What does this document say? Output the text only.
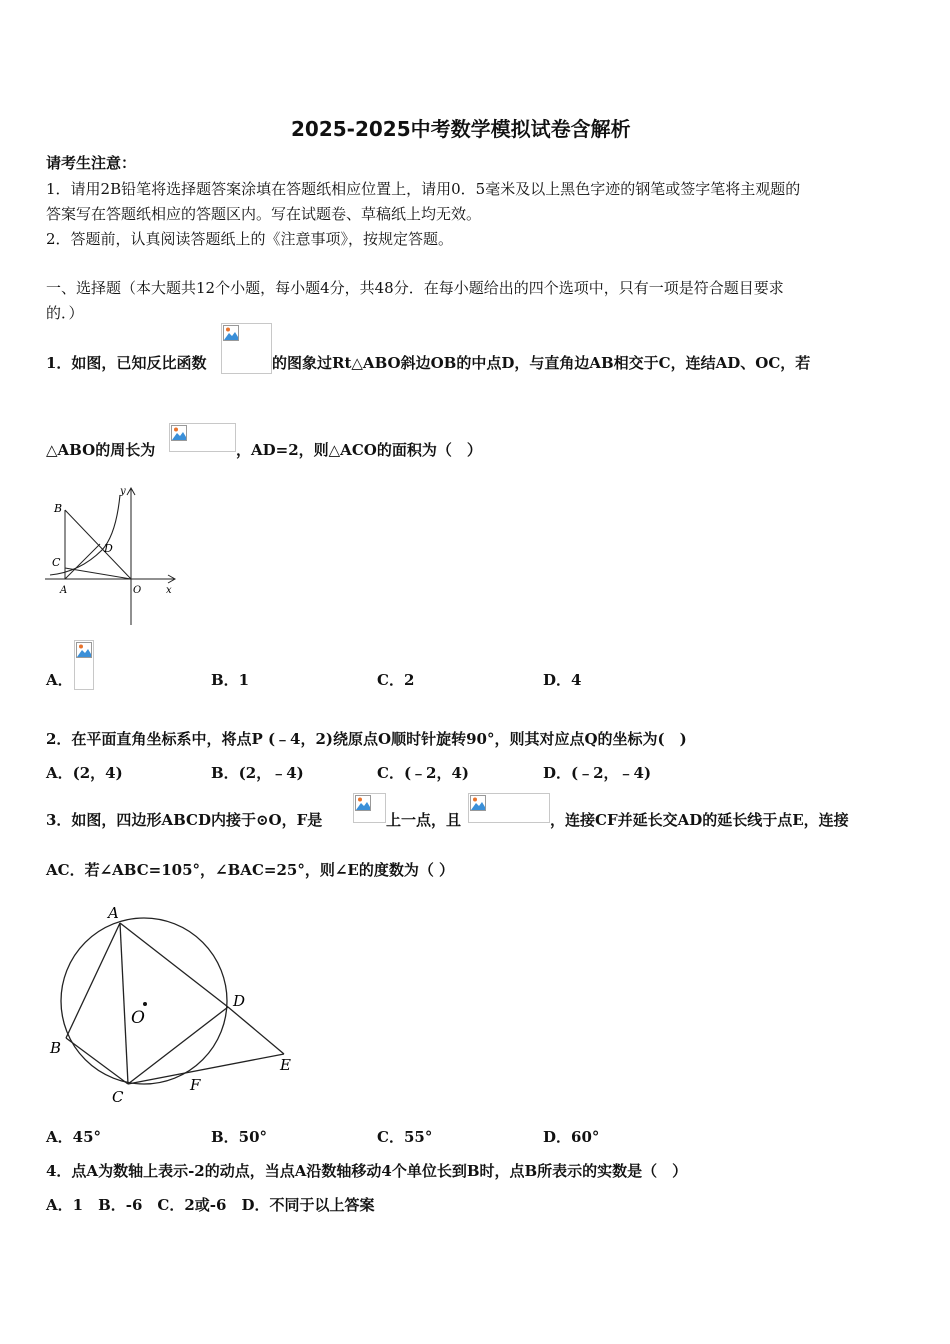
2025-2025中考数学模拟试卷含解析
请考生注意：
1．请用2B铅笔将选择题答案涂填在答题纸相应位置上，请用0．5毫米及以上黑色字迹的钢笔或签字笔将主观题的
答案写在答题纸相应的答题区内。写在试题卷、草稿纸上均无效。
2．答题前，认真阅读答题纸上的《注意事项》，按规定答题。
一、选择题（本大题共12个小题，每小题4分，共48分．在每小题给出的四个选项中，只有一项是符合题目要求
的．）
1．如图，已知反比函数	的图象过Rt△ABO斜边OB的中点D，与直角边AB相交于C，连结AD、OC，若
△ABO的周长为	，AD=2，则△ACO的面积为（　）
B
C
D
A	O x
y
A．	B．1	C．2	D．4
2．在平面直角坐标系中，将点P (﹣4，2)绕原点O顺时针旋转90°，则其对应点Q的坐标为(　)
A．(2，4)	B．(2，﹣4)	C．(﹣2，4)	D．(﹣2，﹣4)
3．如图，四边形ABCD内接于⊙O，F是	上一点，且	，连接CF并延长交AD的延长线于点E，连接
AC．若∠ABC=105°，∠BAC=25°，则∠E的度数为（ ）
A
B
C
D
E
F
O
A．45°	B．50°	C．55°	D．60°
4．点A为数轴上表示-2的动点，当点A沿数轴移动4个单位长到B时，点B所表示的实数是（　）
A．1　B．-6　C．2或-6　D．不同于以上答案
